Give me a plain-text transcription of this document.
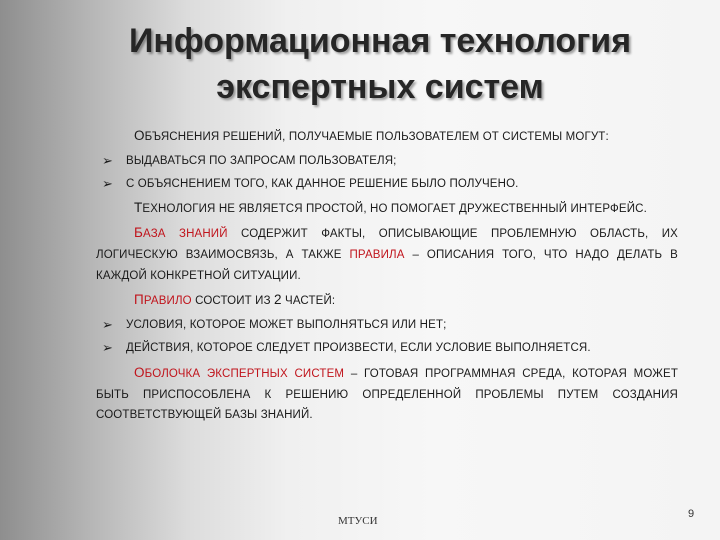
Информационная технология экспертных систем

ОБЪЯСНЕНИЯ РЕШЕНИЙ, ПОЛУЧАЕМЫЕ ПОЛЬЗОВАТЕЛЕМ ОТ СИСТЕМЫ МОГУТ:

➢ ВЫДАВАТЬСЯ ПО ЗАПРОСАМ ПОЛЬЗОВАТЕЛЯ;
➢ С ОБЪЯСНЕНИЕМ ТОГО, КАК ДАННОЕ РЕШЕНИЕ БЫЛО ПОЛУЧЕНО.

ТЕХНОЛОГИЯ НЕ ЯВЛЯЕТСЯ ПРОСТОЙ, НО ПОМОГАЕТ ДРУЖЕСТВЕННЫЙ ИНТЕРФЕЙС.

БАЗА ЗНАНИЙ СОДЕРЖИТ ФАКТЫ, ОПИСЫВАЮЩИЕ ПРОБЛЕМНУЮ ОБЛАСТЬ, ИХ ЛОГИЧЕСКУЮ ВЗАИМОСВЯЗЬ, А ТАКЖЕ ПРАВИЛА – ОПИСАНИЯ ТОГО, ЧТО НАДО ДЕЛАТЬ В КАЖДОЙ КОНКРЕТНОЙ СИТУАЦИИ.

ПРАВИЛО СОСТОИТ ИЗ 2 ЧАСТЕЙ:

➢ УСЛОВИЯ, КОТОРОЕ МОЖЕТ ВЫПОЛНЯТЬСЯ ИЛИ НЕТ;
➢ ДЕЙСТВИЯ, КОТОРОЕ СЛЕДУЕТ ПРОИЗВЕСТИ, ЕСЛИ УСЛОВИЕ ВЫПОЛНЯЕТСЯ.

ОБОЛОЧКА ЭКСПЕРТНЫХ СИСТЕМ – ГОТОВАЯ ПРОГРАММНАЯ СРЕДА, КОТОРАЯ МОЖЕТ БЫТЬ ПРИСПОСОБЛЕНА К РЕШЕНИЮ ОПРЕДЕЛЕННОЙ ПРОБЛЕМЫ ПУТЕМ СОЗДАНИЯ СООТВЕТСТВУЮЩЕЙ БАЗЫ ЗНАНИЙ.

МТУСИ
9
